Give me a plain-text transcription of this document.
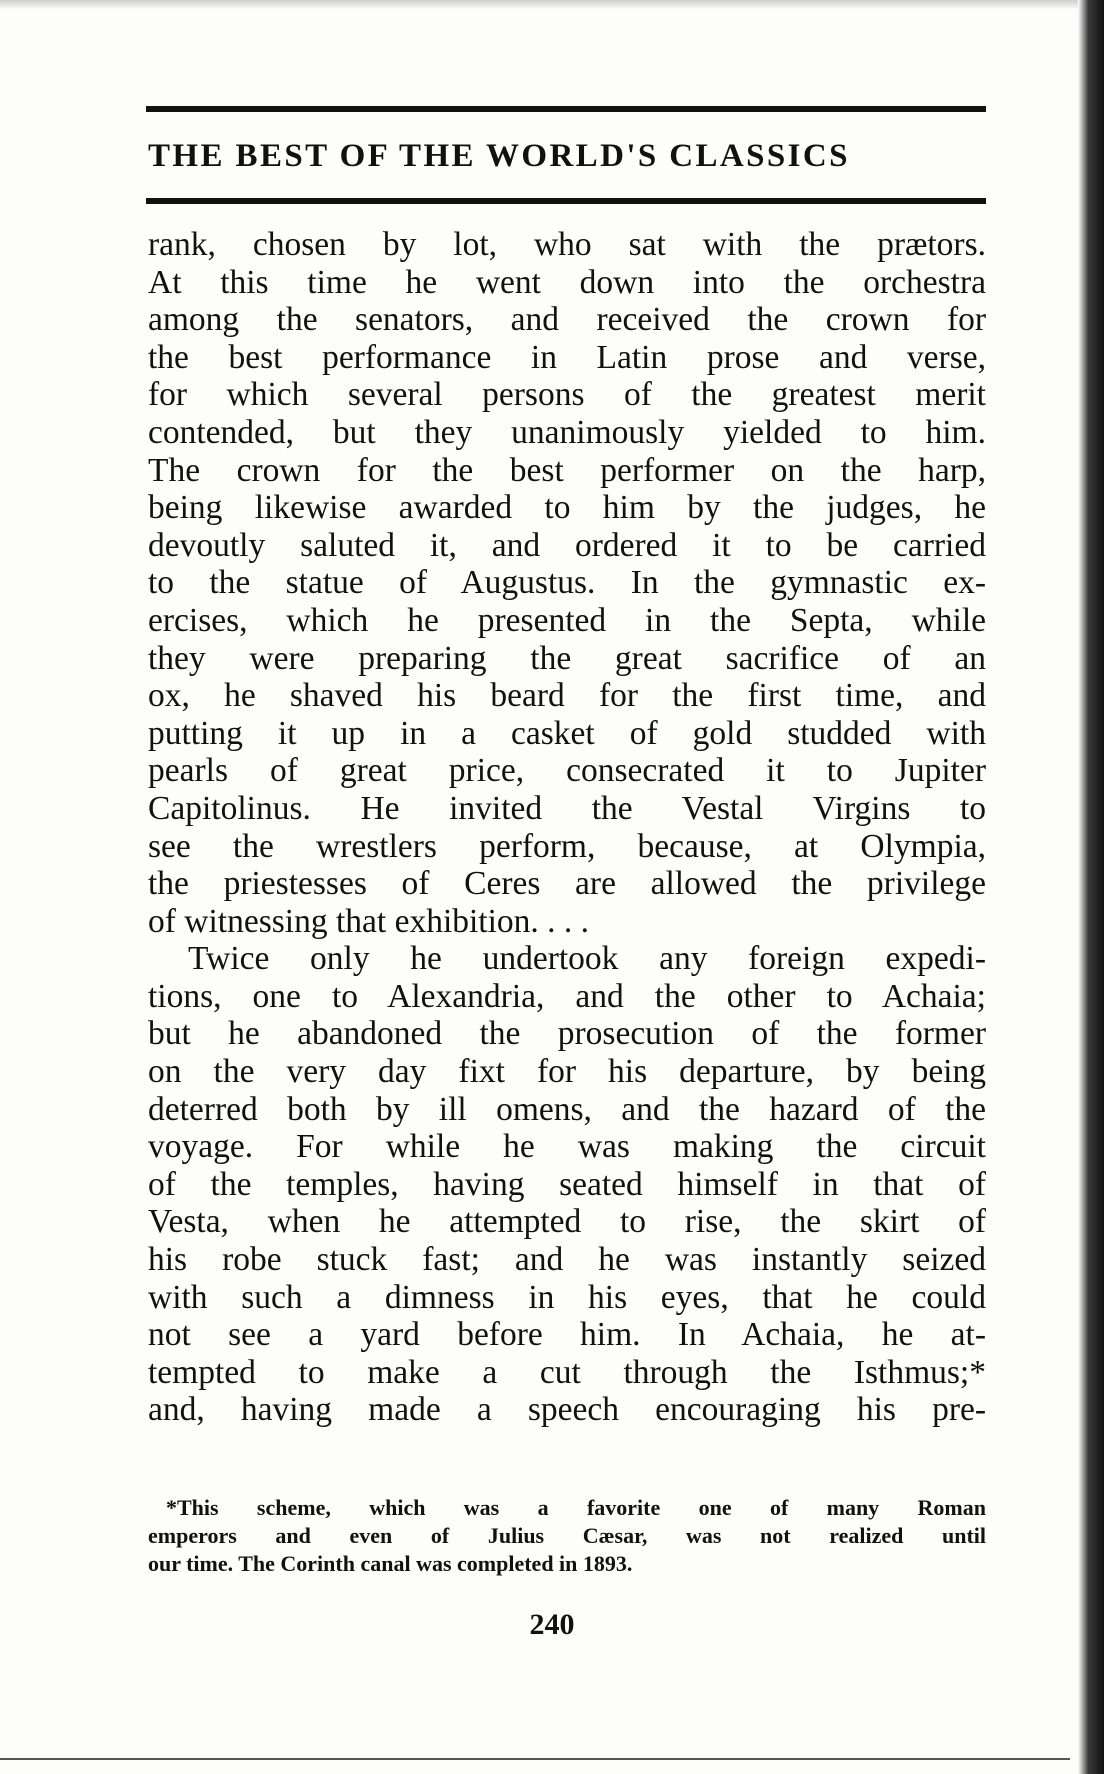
THE BEST OF THE WORLD'S CLASSICS
rank, chosen by lot, who sat with the prætors.
At this time he went down into the orchestra
among the senators, and received the crown for
the best performance in Latin prose and verse,
for which several persons of the greatest merit
contended, but they unanimously yielded to him.
The crown for the best performer on the harp,
being likewise awarded to him by the judges, he
devoutly saluted it, and ordered it to be carried
to the statue of Augustus. In the gymnastic ex-
ercises, which he presented in the Septa, while
they were preparing the great sacrifice of an
ox, he shaved his beard for the first time, and
putting it up in a casket of gold studded with
pearls of great price, consecrated it to Jupiter
Capitolinus. He invited the Vestal Virgins to
see the wrestlers perform, because, at Olympia,
the priestesses of Ceres are allowed the privilege
of witnessing that exhibition. . . .
Twice only he undertook any foreign expedi-
tions, one to Alexandria, and the other to Achaia;
but he abandoned the prosecution of the former
on the very day fixt for his departure, by being
deterred both by ill omens, and the hazard of the
voyage. For while he was making the circuit
of the temples, having seated himself in that of
Vesta, when he attempted to rise, the skirt of
his robe stuck fast; and he was instantly seized
with such a dimness in his eyes, that he could
not see a yard before him. In Achaia, he at-
tempted to make a cut through the Isthmus;*
and, having made a speech encouraging his pre-
*This scheme, which was a favorite one of many Roman
emperors and even of Julius Cæsar, was not realized until
our time. The Corinth canal was completed in 1893.
240
